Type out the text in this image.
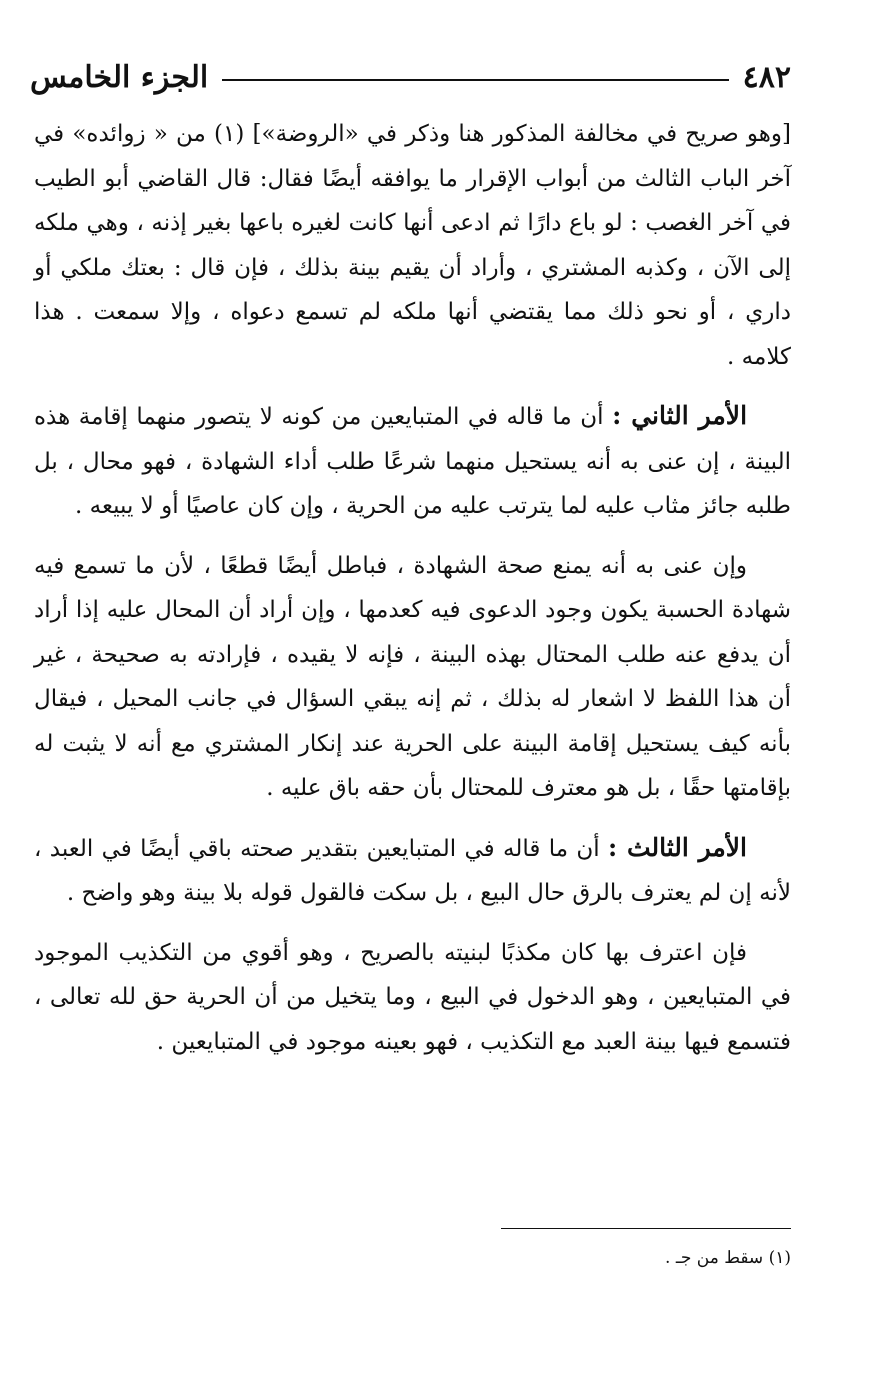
٤٨٢
الجزء الخامس

[وهو صريح في مخالفة المذكور هنا وذكر في «الروضة»] (١) من « زوائده» في آخر الباب الثالث من أبواب الإقرار ما يوافقه أيضًا فقال: قال القاضي أبو الطيب في آخر الغصب : لو باع دارًا ثم ادعى أنها كانت لغيره باعها بغير إذنه ، وهي ملكه إلى الآن ، وكذبه المشتري ، وأراد أن يقيم بينة بذلك ، فإن قال : بعتك ملكي أو داري ، أو نحو ذلك مما يقتضي أنها ملكه لم تسمع دعواه ، وإلا سمعت . هذا كلامه .

الأمر الثاني : أن ما قاله في المتبايعين من كونه لا يتصور منهما إقامة هذه البينة ، إن عنى به أنه يستحيل منهما شرعًا طلب أداء الشهادة ، فهو محال ، بل طلبه جائز مثاب عليه لما يترتب عليه من الحرية ، وإن كان عاصيًا أو لا يبيعه .

وإن عنى به أنه يمنع صحة الشهادة ، فباطل أيضًا قطعًا ، لأن ما تسمع فيه شهادة الحسبة يكون وجود الدعوى فيه كعدمها ، وإن أراد أن المحال عليه إذا أراد أن يدفع عنه طلب المحتال بهذه البينة ، فإنه لا يقيده ، فإرادته به صحيحة ، غير أن هذا اللفظ لا اشعار له بذلك ، ثم إنه يبقي السؤال في جانب المحيل ، فيقال بأنه كيف يستحيل إقامة البينة على الحرية عند إنكار المشتري مع أنه لا يثبت له بإقامتها حقًا ، بل هو معترف للمحتال بأن حقه باق عليه .

الأمر الثالث : أن ما قاله في المتبايعين بتقدير صحته باقي أيضًا في العبد ، لأنه إن لم يعترف بالرق حال البيع ، بل سكت فالقول قوله بلا بينة وهو واضح .

فإن اعترف بها كان مكذبًا لبنيته بالصريح ، وهو أقوي من التكذيب الموجود في المتبايعين ، وهو الدخول في البيع ، وما يتخيل من أن الحرية حق لله تعالى ، فتسمع فيها بينة العبد مع التكذيب ، فهو بعينه موجود في المتبايعين .

(١) سقط من جـ .
